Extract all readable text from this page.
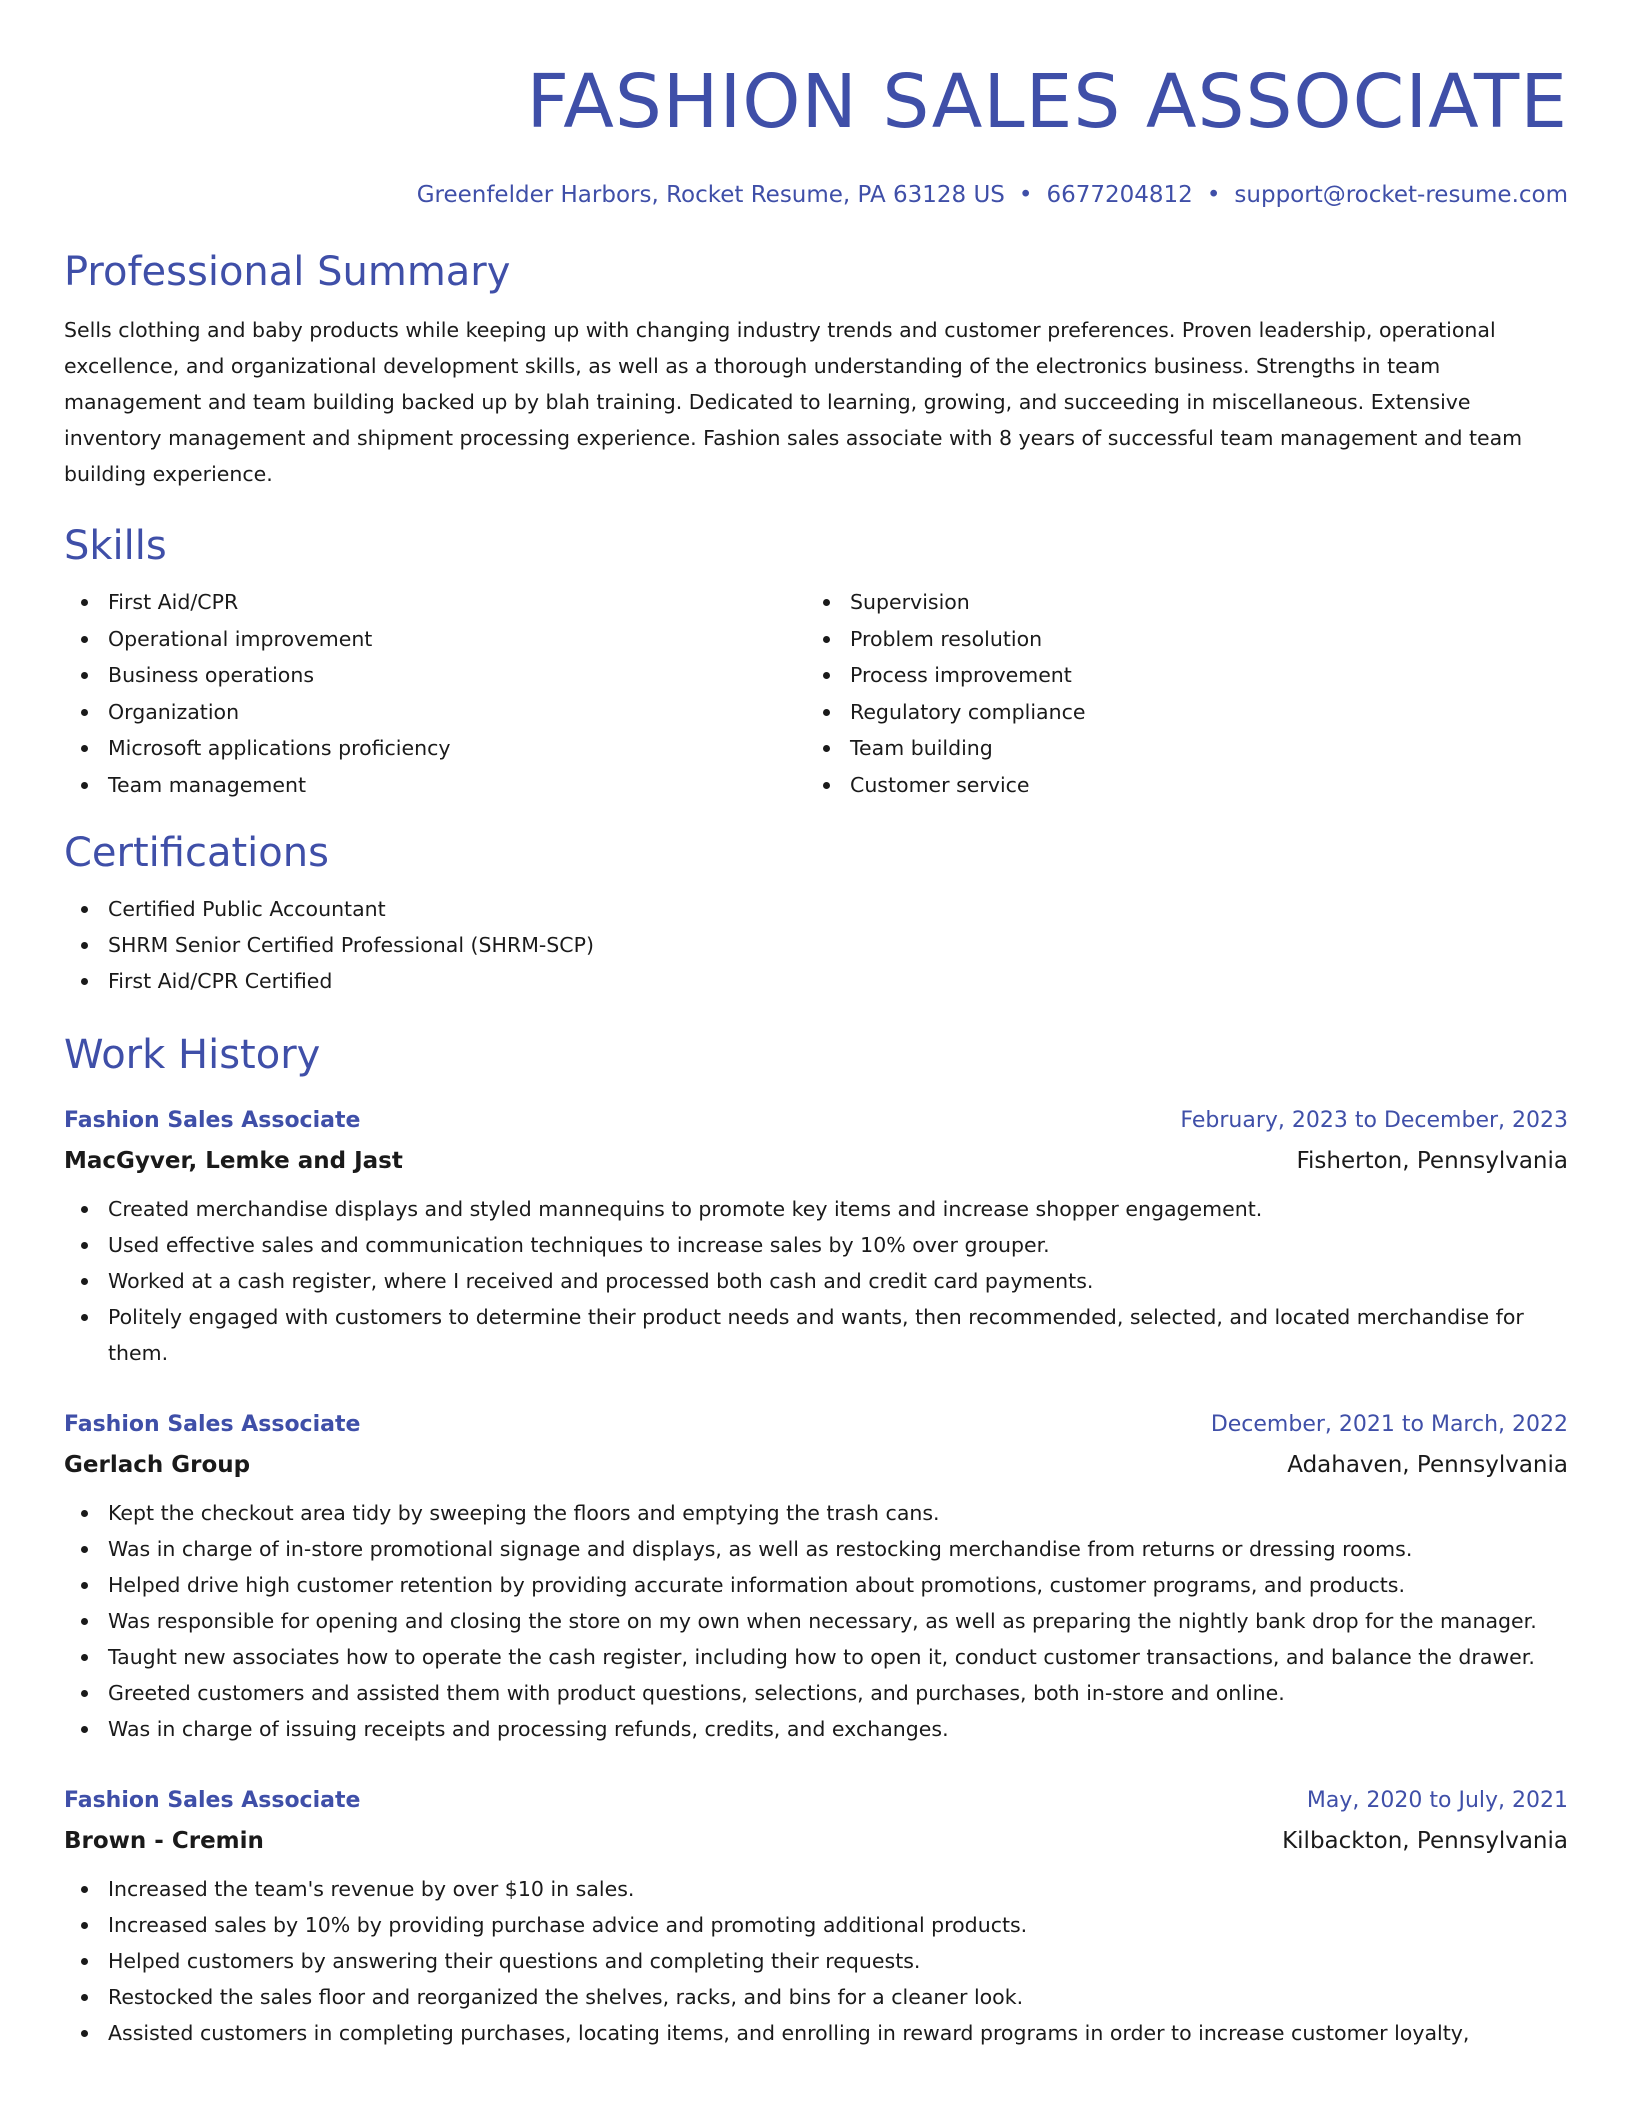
FASHION SALES ASSOCIATE
Greenfelder Harbors, Rocket Resume, PA 63128 US • 6677204812 • support@rocket-resume.com
Professional Summary

Sells clothing and baby products while keeping up with changing industry trends and customer preferences. Proven leadership, operational excellence, and organizational development skills, as well as a thorough understanding of the electronics business. Strengths in team management and team building backed up by blah training. Dedicated to learning, growing, and succeeding in miscellaneous. Extensive inventory management and shipment processing experience. Fashion sales associate with 8 years of successful team management and team building experience.

Skills
First Aid/CPR
Operational improvement
Business operations
Organization
Microsoft applications proficiency
Team management
Supervision
Problem resolution
Process improvement
Regulatory compliance
Team building
Customer service
Certifications
Certified Public Accountant
SHRM Senior Certified Professional (SHRM-SCP)
First Aid/CPR Certified
Work History
Fashion Sales Associate	February, 2023 to December, 2023
MacGyver, Lemke and Jast	Fisherton, Pennsylvania
Created merchandise displays and styled mannequins to promote key items and increase shopper engagement.
Used effective sales and communication techniques to increase sales by 10% over grouper.
Worked at a cash register, where I received and processed both cash and credit card payments.
Politely engaged with customers to determine their product needs and wants, then recommended, selected, and located merchandise for them.
Fashion Sales Associate	December, 2021 to March, 2022
Gerlach Group	Adahaven, Pennsylvania
Kept the checkout area tidy by sweeping the floors and emptying the trash cans.
Was in charge of in-store promotional signage and displays, as well as restocking merchandise from returns or dressing rooms.
Helped drive high customer retention by providing accurate information about promotions, customer programs, and products.
Was responsible for opening and closing the store on my own when necessary, as well as preparing the nightly bank drop for the manager.
Taught new associates how to operate the cash register, including how to open it, conduct customer transactions, and balance the drawer.
Greeted customers and assisted them with product questions, selections, and purchases, both in-store and online.
Was in charge of issuing receipts and processing refunds, credits, and exchanges.
Fashion Sales Associate	May, 2020 to July, 2021
Brown - Cremin	Kilbackton, Pennsylvania
Increased the team's revenue by over $10 in sales.
Increased sales by 10% by providing purchase advice and promoting additional products.
Helped customers by answering their questions and completing their requests.
Restocked the sales floor and reorganized the shelves, racks, and bins for a cleaner look.
Assisted customers in completing purchases, locating items, and enrolling in reward programs in order to increase customer loyalty,
